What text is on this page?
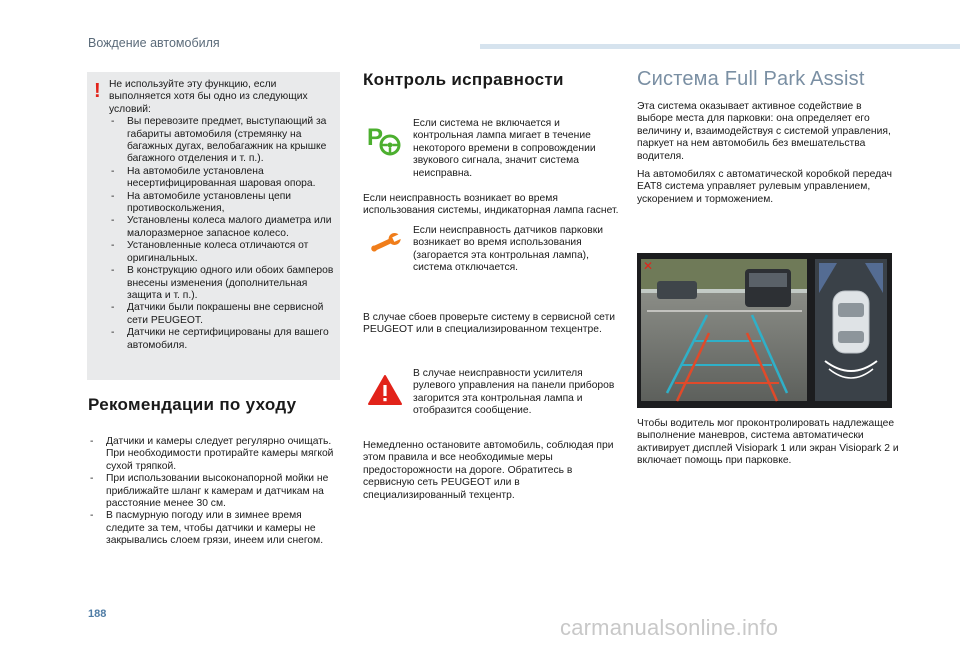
Вождение автомобиля
! Не используйте эту функцию, если выполняется хотя бы одно из следующих условий:

- Вы перевозите предмет, выступающий за габариты автомобиля (стремянку на багажных дугах, велобагажник на крышке багажного отделения и т. п.).
- На автомобиле установлена несертифицированная шаровая опора.
- На автомобиле установлены цепи противоскольжения,
- Установлены колеса малого диаметра или малоразмерное запасное колесо.
- Установленные колеса отличаются от оригинальных.
- В конструкцию одного или обоих бамперов внесены изменения (дополнительная защита и т. п.).
- Датчики были покрашены вне сервисной сети PEUGEOT.
- Датчики не сертифицированы для вашего автомобиля.
Рекомендации по уходу
- Датчики и камеры следует регулярно очищать. При необходимости протирайте камеры мягкой сухой тряпкой.
- При использовании высоконапорной мойки не приближайте шланг к камерам и датчикам на расстояние менее 30 см.
- В пасмурную погоду или в зимнее время следите за тем, чтобы датчики и камеры не закрывались слоем грязи, инеем или снегом.
Контроль исправности
P

Если система не включается и контрольная лампа мигает в течение некоторого времени в сопровождении звукового сигнала, значит система неисправна.

Если неисправность возникает во время использования системы, индикаторная лампа гаснет.

Если неисправность датчиков парковки возникает во время использования (загорается эта контрольная лампа), система отключается.

В случае сбоев проверьте систему в сервисной сети PEUGEOT или в специализированном техцентре.

В случае неисправности усилителя рулевого управления на панели приборов загорится эта контрольная лампа и отобразится сообщение.

Немедленно остановите автомобиль, соблюдая при этом правила и все необходимые меры предосторожности на дороге. Обратитесь в сервисную сеть PEUGEOT или в специализированный техцентр.

Система Full Park Assist

Эта система оказывает активное содействие в выборе места для парковки: она определяет его величину и, взаимодействуя с системой управления, паркует на нем автомобиль без вмешательства водителя.

На автомобилях с автоматической коробкой передач EAT8 система управляет рулевым управлением, ускорением и торможением.

✕

Чтобы водитель мог проконтролировать надлежащее выполнение маневров, система автоматически активирует дисплей Visiopark 1 или экран Visiopark 2 и включает помощь при парковке.

188
carmanualsonline.info
